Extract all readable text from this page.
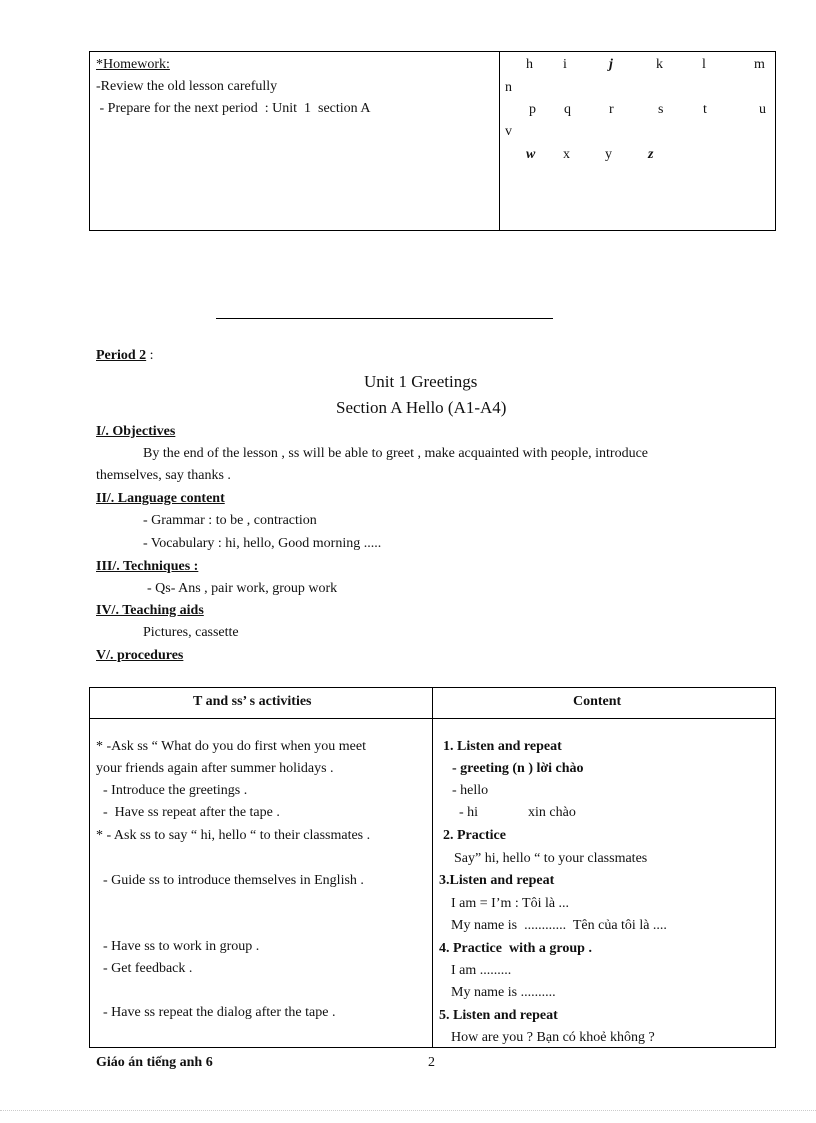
*Homework:
-Review the old lesson carefully
- Prepare for the next period  : Unit  1  section A
h i	j	k	l	m
n
p q	r	s	t	u
v
w x	y	z
Period 2 :
Unit 1 Greetings
Section A Hello (A1-A4)
I/. Objectives
By the end of the lesson , ss will be able to greet , make acquainted with people, introduce
themselves, say thanks .
II/. Language content
- Grammar : to be , contraction
- Vocabulary : hi, hello, Good morning .....
III/. Techniques :
- Qs- Ans , pair work, group work
IV/. Teaching aids
Pictures, cassette
V/. procedures
T and ss’ s activities	Content
* -Ask ss “ What do you do first when you meet
your friends again after summer holidays .
- Introduce the greetings .
-  Have ss repeat after the tape .
* - Ask ss to say “ hi, hello “ to their classmates .
- Guide ss to introduce themselves in English .
- Have ss to work in group .
- Get feedback .
- Have ss repeat the dialog after the tape .
1. Listen and repeat
- greeting (n ) lời chào
- hello
- hi	xin chào
2. Practice
Say” hi, hello “ to your classmates
3.Listen and repeat
I am = I’m : Tôi là ...
My name is  ............  Tên của tôi là ....
4. Practice  with a group .
I am .........
My name is ..........
5. Listen and repeat
How are you ? Bạn có khoẻ không ?
Giáo án tiếng anh 6	2
